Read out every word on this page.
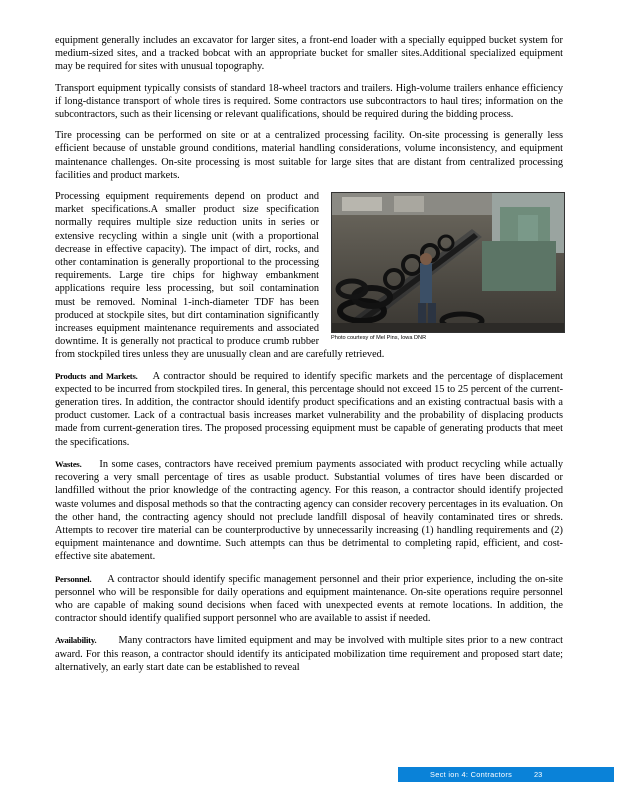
equipment generally includes an excavator for larger sites, a front-end loader with a specially equipped bucket system for medium-sized sites, and a tracked bobcat with an appropriate bucket for smaller sites.Additional specialized equipment may be required for sites with unusual topography.

Transport equipment typically consists of standard 18-wheel tractors and trailers. High-volume trailers enhance efficiency if long-distance transport of whole tires is required. Some contractors use subcontractors to haul tires; information on the subcontractors, such as their licensing or relevant qualifications, should be required during the bidding process.

Tire processing can be performed on site or at a centralized processing facility. On-site processing is generally less efficient because of unstable ground conditions, material handling considerations, volume inconsistency, and equipment maintenance challenges. On-site processing is most suitable for large sites that are distant from centralized processing facilities and product markets.

Photo courtesy of Mel Pins, Iowa DNR

Processing equipment requirements depend on product and market specifications.A smaller product size specification normally requires multiple size reduction units in series or extensive recycling within a single unit (with a proportional decrease in effective capacity). The impact of dirt, rocks, and other contamination is generally proportional to the processing requirements. Large tire chips for highway embankment applications require less processing, but soil contamination must be removed. Nominal 1-inch-diameter TDF has been produced at stockpile sites, but dirt contamination significantly increases equipment maintenance requirements and associated downtime. It is generally not practical to produce crumb rubber from stockpiled tires unless they are unusually clean and are carefully retrieved.

Products and Markets. A contractor should be required to identify specific markets and the percentage of displacement expected to be incurred from stockpiled tires. In general, this percentage should not exceed 15 to 25 percent of the current-generation tires. In addition, the contractor should identify product specifications and an existing contractual basis with a product customer. Lack of a contractual basis increases market vulnerability and the probability of displacing products made from current-generation tires. The proposed processing equipment must be capable of generating products that meet the specifications.

Wastes. In some cases, contractors have received premium payments associated with product recycling while actually recovering a very small percentage of tires as usable product. Substantial volumes of tires have been discarded or landfilled without the prior knowledge of the contracting agency. For this reason, a contractor should identify projected waste volumes and disposal methods so that the contracting agency can consider recovery percentages in its evaluation. On the other hand, the contracting agency should not preclude landfill disposal of heavily contaminated tires or shreds. Attempts to recover tire material can be counterproductive by unnecessarily increasing (1) handling requirements and (2) equipment maintenance and downtime. Such attempts can thus be detrimental to completing rapid, efficient, and cost-effective site abatement.

Personnel. A contractor should identify specific management personnel and their prior experience, including the on-site personnel who will be responsible for daily operations and equipment maintenance. On-site operations require personnel who are capable of making sound decisions when faced with unexpected events at remote locations. In addition, the contractor should identify qualified support personnel who are available to assist if needed.

Availability. Many contractors have limited equipment and may be involved with multiple sites prior to a new contract award. For this reason, a contractor should identify its anticipated mobilization time requirement and proposed start date; alternatively, an early start date can be established to reveal

Sect ion 4: Contractors	23
